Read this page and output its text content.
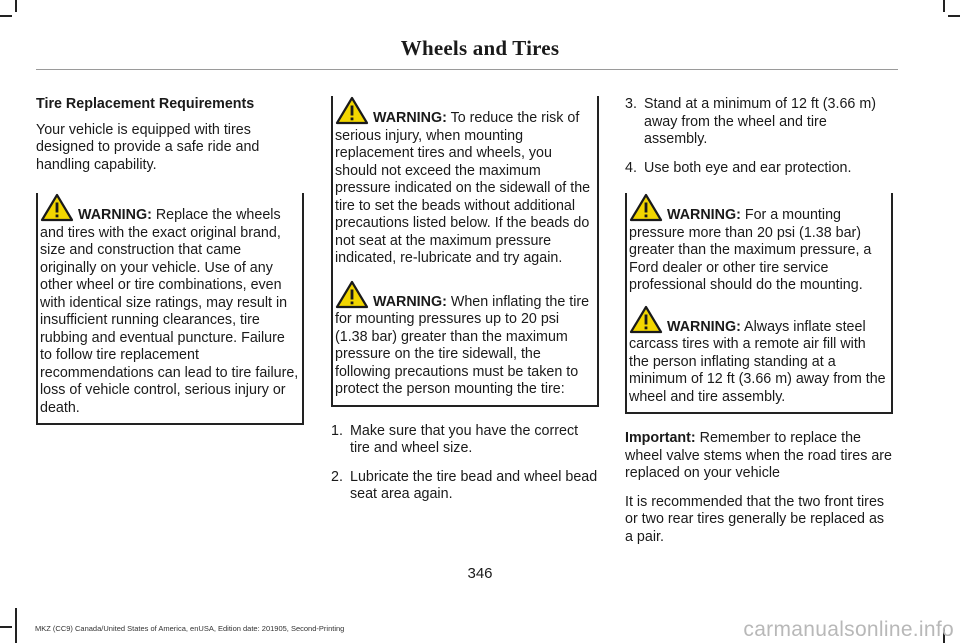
Wheels and Tires

Tire Replacement Requirements

Your vehicle is equipped with tires designed to provide a safe ride and handling capability.

WARNING: Replace the wheels and tires with the exact original brand, size and construction that came originally on your vehicle. Use of any other wheel or tire combinations, even with identical size ratings, may result in insufficient running clearances, tire rubbing and eventual puncture. Failure to follow tire replacement recommendations can lead to tire failure, loss of vehicle control, serious injury or death.
WARNING: To reduce the risk of serious injury, when mounting replacement tires and wheels, you should not exceed the maximum pressure indicated on the sidewall of the tire to set the beads without additional precautions listed below. If the beads do not seat at the maximum pressure indicated, re-lubricate and try again.
WARNING: When inflating the tire for mounting pressures up to 20 psi (1.38 bar) greater than the maximum pressure on the tire sidewall, the following precautions must be taken to protect the person mounting the tire:
1. Make sure that you have the correct tire and wheel size.
2. Lubricate the tire bead and wheel bead seat area again.
3. Stand at a minimum of 12 ft (3.66 m) away from the wheel and tire assembly.
4. Use both eye and ear protection.
WARNING: For a mounting pressure more than 20 psi (1.38 bar) greater than the maximum pressure, a Ford dealer or other tire service professional should do the mounting.
WARNING: Always inflate steel carcass tires with a remote air fill with the person inflating standing at a minimum of 12 ft (3.66 m) away from the wheel and tire assembly.

Important: Remember to replace the wheel valve stems when the road tires are replaced on your vehicle

It is recommended that the two front tires or two rear tires generally be replaced as a pair.

346
MKZ (CC9) Canada/United States of America, enUSA, Edition date: 201905, Second-Printing	carmanualsonline.info
